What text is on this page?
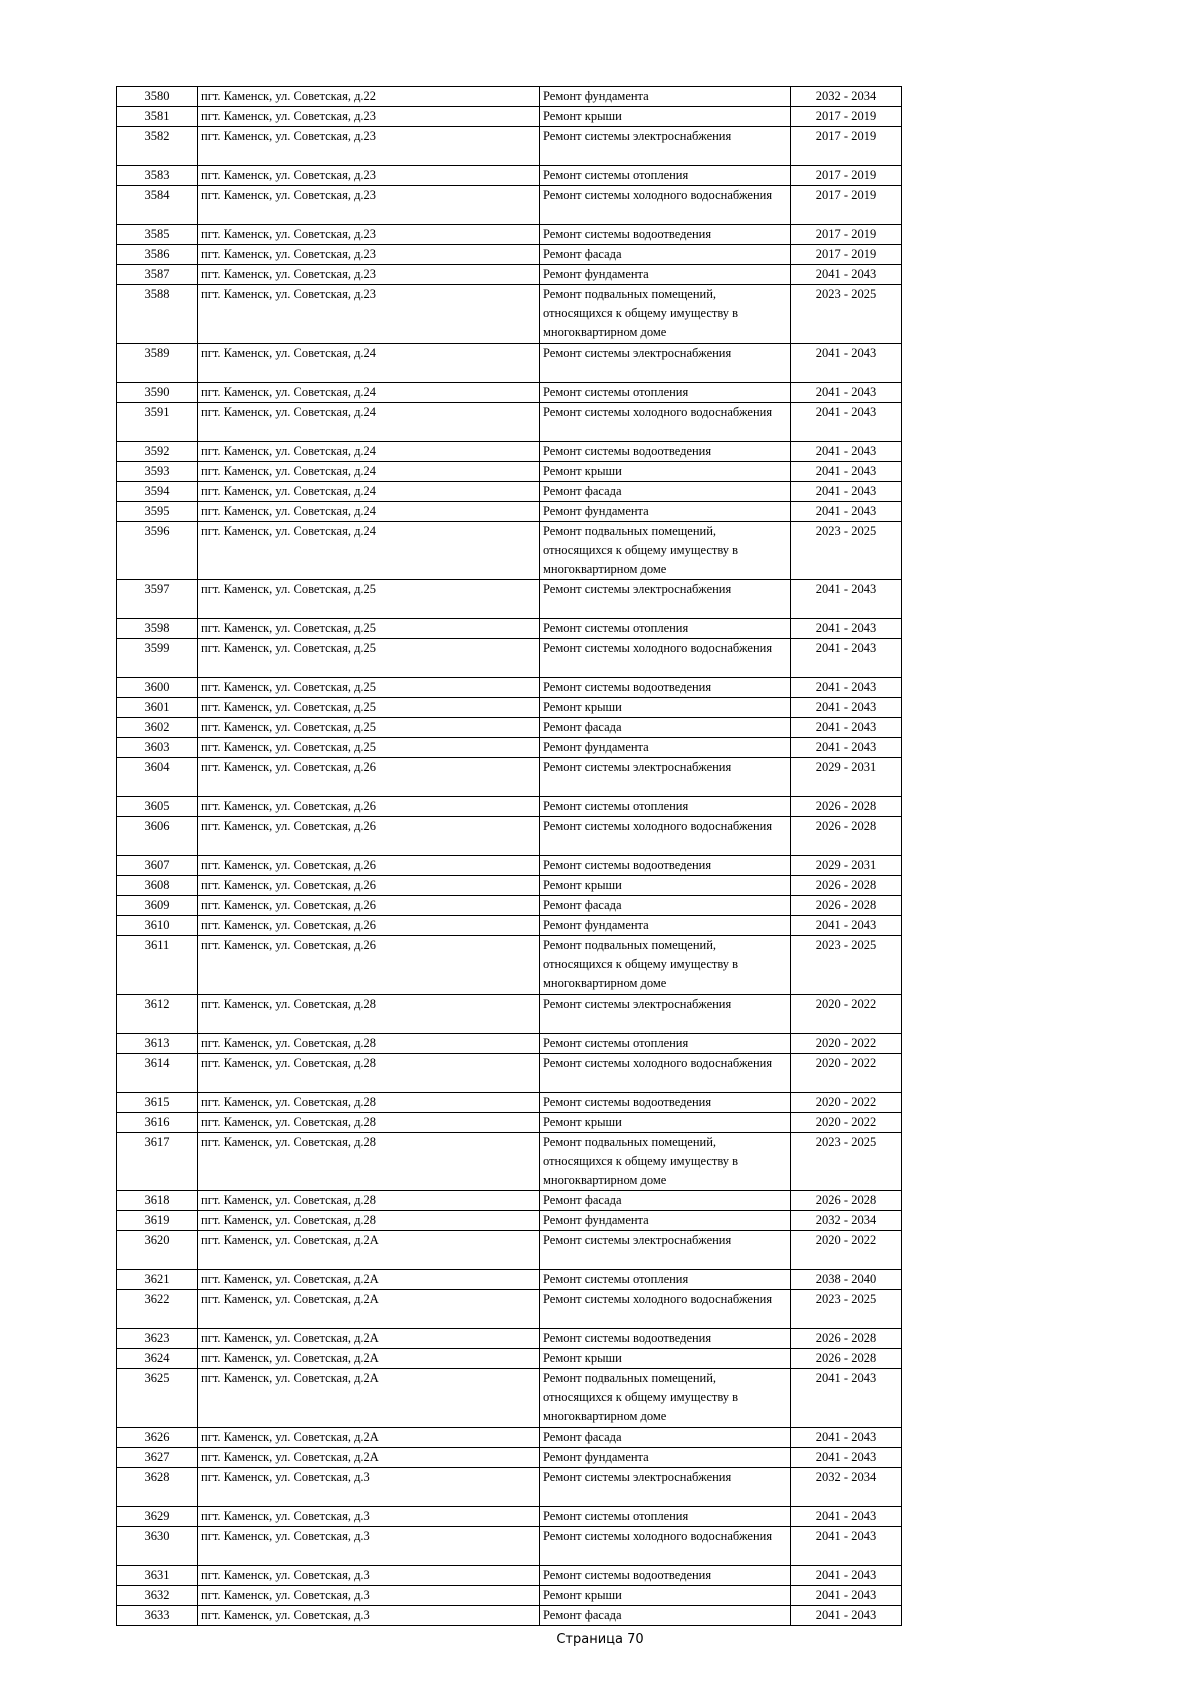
3580	пгт. Каменск, ул. Советская, д.22	Ремонт фундамента	2032 - 2034
3581	пгт. Каменск, ул. Советская, д.23	Ремонт крыши	2017 - 2019
3582	пгт. Каменск, ул. Советская, д.23	Ремонт системы электроснабжения	2017 - 2019
3583	пгт. Каменск, ул. Советская, д.23	Ремонт системы отопления	2017 - 2019
3584	пгт. Каменск, ул. Советская, д.23	Ремонт системы холодного водоснабжения	2017 - 2019
3585	пгт. Каменск, ул. Советская, д.23	Ремонт системы водоотведения	2017 - 2019
3586	пгт. Каменск, ул. Советская, д.23	Ремонт фасада	2017 - 2019
3587	пгт. Каменск, ул. Советская, д.23	Ремонт фундамента	2041 - 2043
3588	пгт. Каменск, ул. Советская, д.23	Ремонт подвальных помещений, относящихся к общему имуществу в многоквартирном доме	2023 - 2025
3589	пгт. Каменск, ул. Советская, д.24	Ремонт системы электроснабжения	2041 - 2043
3590	пгт. Каменск, ул. Советская, д.24	Ремонт системы отопления	2041 - 2043
3591	пгт. Каменск, ул. Советская, д.24	Ремонт системы холодного водоснабжения	2041 - 2043
3592	пгт. Каменск, ул. Советская, д.24	Ремонт системы водоотведения	2041 - 2043
3593	пгт. Каменск, ул. Советская, д.24	Ремонт крыши	2041 - 2043
3594	пгт. Каменск, ул. Советская, д.24	Ремонт фасада	2041 - 2043
3595	пгт. Каменск, ул. Советская, д.24	Ремонт фундамента	2041 - 2043
3596	пгт. Каменск, ул. Советская, д.24	Ремонт подвальных помещений, относящихся к общему имуществу в многоквартирном доме	2023 - 2025
3597	пгт. Каменск, ул. Советская, д.25	Ремонт системы электроснабжения	2041 - 2043
3598	пгт. Каменск, ул. Советская, д.25	Ремонт системы отопления	2041 - 2043
3599	пгт. Каменск, ул. Советская, д.25	Ремонт системы холодного водоснабжения	2041 - 2043
3600	пгт. Каменск, ул. Советская, д.25	Ремонт системы водоотведения	2041 - 2043
3601	пгт. Каменск, ул. Советская, д.25	Ремонт крыши	2041 - 2043
3602	пгт. Каменск, ул. Советская, д.25	Ремонт фасада	2041 - 2043
3603	пгт. Каменск, ул. Советская, д.25	Ремонт фундамента	2041 - 2043
3604	пгт. Каменск, ул. Советская, д.26	Ремонт системы электроснабжения	2029 - 2031
3605	пгт. Каменск, ул. Советская, д.26	Ремонт системы отопления	2026 - 2028
3606	пгт. Каменск, ул. Советская, д.26	Ремонт системы холодного водоснабжения	2026 - 2028
3607	пгт. Каменск, ул. Советская, д.26	Ремонт системы водоотведения	2029 - 2031
3608	пгт. Каменск, ул. Советская, д.26	Ремонт крыши	2026 - 2028
3609	пгт. Каменск, ул. Советская, д.26	Ремонт фасада	2026 - 2028
3610	пгт. Каменск, ул. Советская, д.26	Ремонт фундамента	2041 - 2043
3611	пгт. Каменск, ул. Советская, д.26	Ремонт подвальных помещений, относящихся к общему имуществу в многоквартирном доме	2023 - 2025
3612	пгт. Каменск, ул. Советская, д.28	Ремонт системы электроснабжения	2020 - 2022
3613	пгт. Каменск, ул. Советская, д.28	Ремонт системы отопления	2020 - 2022
3614	пгт. Каменск, ул. Советская, д.28	Ремонт системы холодного водоснабжения	2020 - 2022
3615	пгт. Каменск, ул. Советская, д.28	Ремонт системы водоотведения	2020 - 2022
3616	пгт. Каменск, ул. Советская, д.28	Ремонт крыши	2020 - 2022
3617	пгт. Каменск, ул. Советская, д.28	Ремонт подвальных помещений, относящихся к общему имуществу в многоквартирном доме	2023 - 2025
3618	пгт. Каменск, ул. Советская, д.28	Ремонт фасада	2026 - 2028
3619	пгт. Каменск, ул. Советская, д.28	Ремонт фундамента	2032 - 2034
3620	пгт. Каменск, ул. Советская, д.2А	Ремонт системы электроснабжения	2020 - 2022
3621	пгт. Каменск, ул. Советская, д.2А	Ремонт системы отопления	2038 - 2040
3622	пгт. Каменск, ул. Советская, д.2А	Ремонт системы холодного водоснабжения	2023 - 2025
3623	пгт. Каменск, ул. Советская, д.2А	Ремонт системы водоотведения	2026 - 2028
3624	пгт. Каменск, ул. Советская, д.2А	Ремонт крыши	2026 - 2028
3625	пгт. Каменск, ул. Советская, д.2А	Ремонт подвальных помещений, относящихся к общему имуществу в многоквартирном доме	2041 - 2043
3626	пгт. Каменск, ул. Советская, д.2А	Ремонт фасада	2041 - 2043
3627	пгт. Каменск, ул. Советская, д.2А	Ремонт фундамента	2041 - 2043
3628	пгт. Каменск, ул. Советская, д.3	Ремонт системы электроснабжения	2032 - 2034
3629	пгт. Каменск, ул. Советская, д.3	Ремонт системы отопления	2041 - 2043
3630	пгт. Каменск, ул. Советская, д.3	Ремонт системы холодного водоснабжения	2041 - 2043
3631	пгт. Каменск, ул. Советская, д.3	Ремонт системы водоотведения	2041 - 2043
3632	пгт. Каменск, ул. Советская, д.3	Ремонт крыши	2041 - 2043
3633	пгт. Каменск, ул. Советская, д.3	Ремонт фасада	2041 - 2043
Страница 70
